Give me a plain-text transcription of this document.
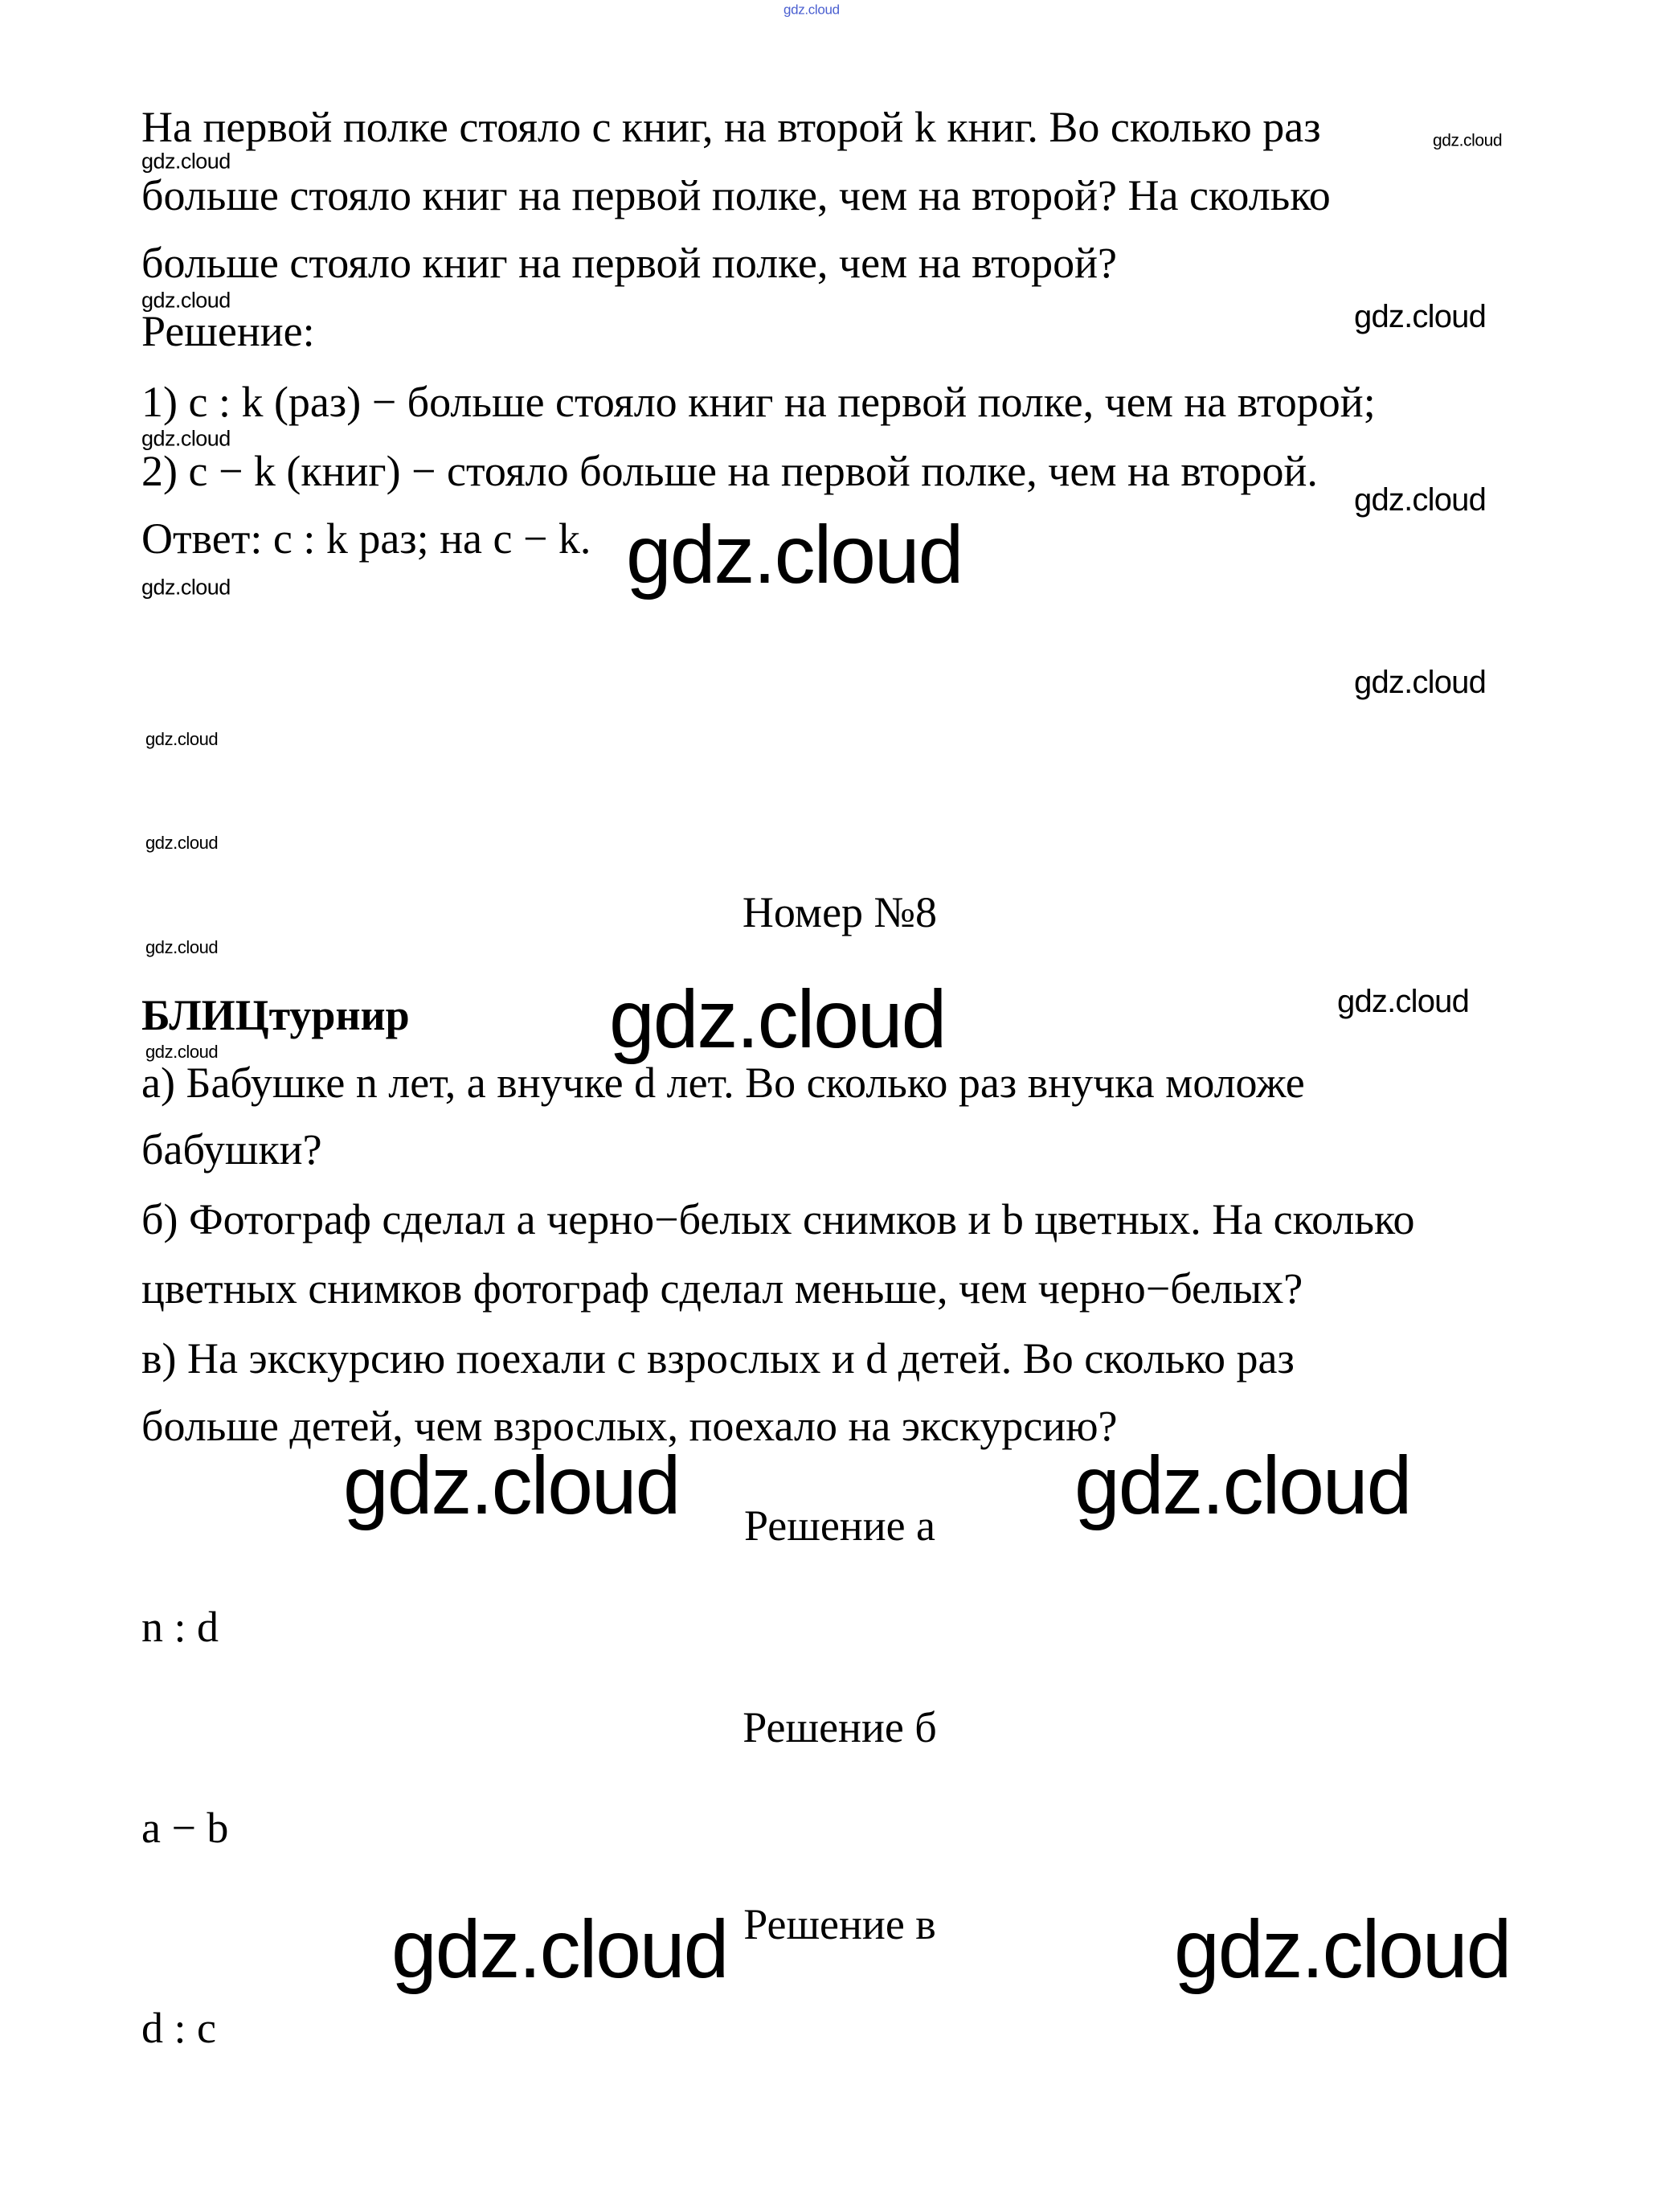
gdz.cloud
На первой полке стояло с книг, на второй k книг. Во сколько раз
больше стояло книг на первой полке, чем на второй? На сколько
больше стояло книг на первой полке, чем на второй?
Решение:
1) с : k (раз) − больше стояло книг на первой полке, чем на второй;
2) с − k (книг) − стояло больше на первой полке, чем на второй.
Ответ: с : k раз; на с − k.
Номер №8
БЛИЦтурнир
а) Бабушке n лет, а внучке d лет. Во сколько раз внучка моложе
бабушки?
б) Фотограф сделал a черно−белых снимков и b цветных. На сколько
цветных снимков фотограф сделал меньше, чем черно−белых?
в) На экскурсию поехали с взрослых и d детей. Во сколько раз
больше детей, чем взрослых, поехало на экскурсию?
Решение а
n : d
Решение б
a − b
Решение в
d : c
gdz.cloud
gdz.cloud
gdz.cloud	gdz.cloud
gdz.cloud
gdz.cloud
gdz.cloud
gdz.cloud
gdz.cloud
gdz.cloud
gdz.cloud
gdz.cloud
gdz.cloud	gdz.cloud
gdz.cloud
gdz.cloud	gdz.cloud
gdz.cloud	gdz.cloud
